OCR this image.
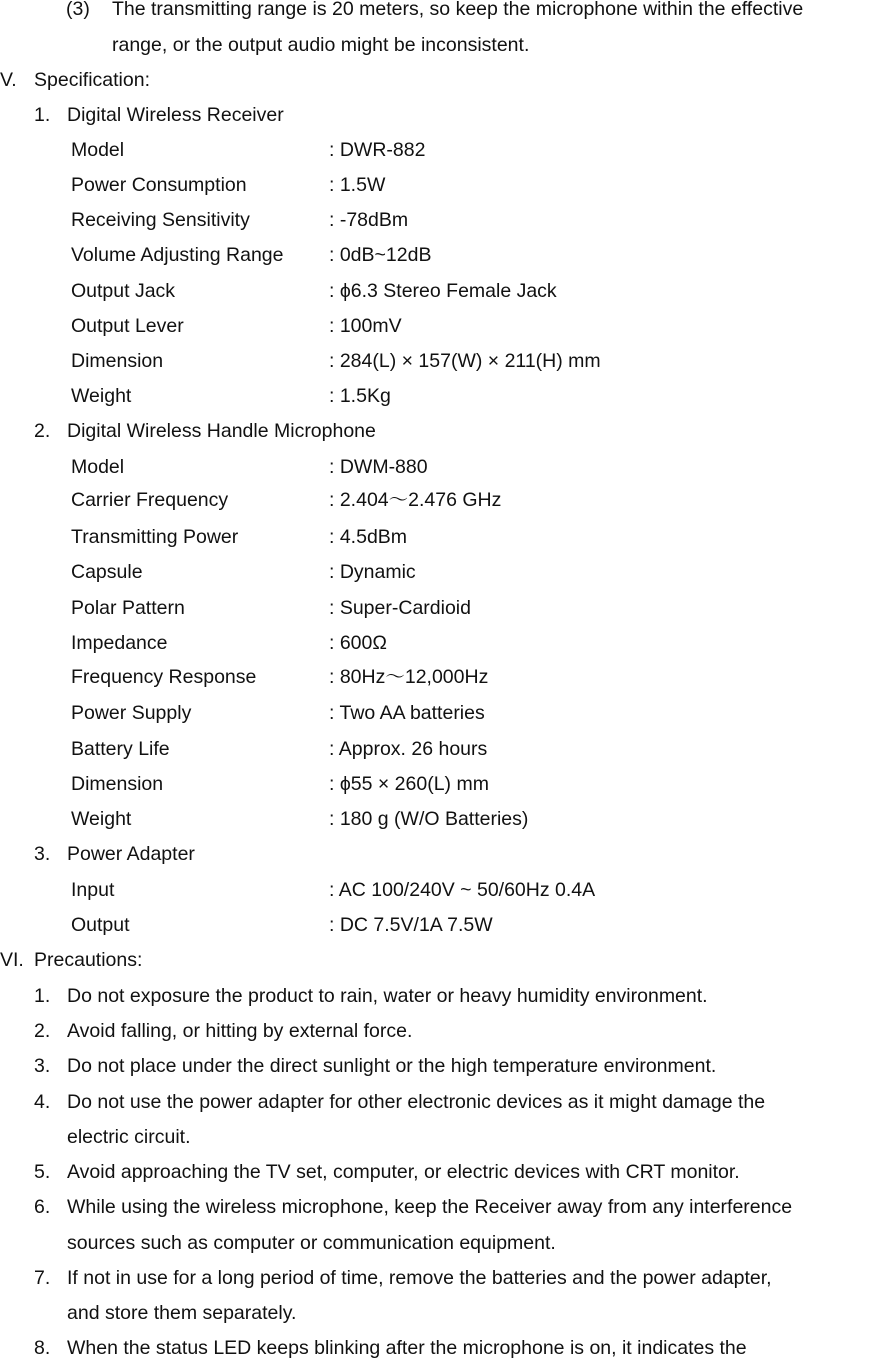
(3) The transmitting range is 20 meters, so keep the microphone within the effective
range, or the output audio might be inconsistent.
V. Specification:
1. Digital Wireless Receiver
Model	: DWR-882
Power Consumption	: 1.5W
Receiving Sensitivity	: -78dBm
Volume Adjusting Range : 0dB~12dB
Output Jack	: ϕ6.3 Stereo Female Jack
Output Lever	: 100mV
Dimension	: 284(L) × 157(W) × 211(H) mm
Weight	: 1.5Kg
2. Digital Wireless Handle Microphone
Model	: DWM-880
Carrier Frequency	: 2.404～2.476 GHz
Transmitting Power	: 4.5dBm
Capsule	: Dynamic
Polar Pattern	: Super-Cardioid
Impedance	: 600Ω
Frequency Response	: 80Hz～12,000Hz
Power Supply	: Two AA batteries
Battery Life	: Approx. 26 hours
Dimension	: ϕ55 × 260(L) mm
Weight	: 180 g (W/O Batteries)
3. Power Adapter
Input	: AC 100/240V ~ 50/60Hz 0.4A
Output	: DC 7.5V/1A 7.5W
VI. Precautions:
1. Do not exposure the product to rain, water or heavy humidity environment.
2. Avoid falling, or hitting by external force.
3. Do not place under the direct sunlight or the high temperature environment.
4. Do not use the power adapter for other electronic devices as it might damage the
electric circuit.
5. Avoid approaching the TV set, computer, or electric devices with CRT monitor.
6. While using the wireless microphone, keep the Receiver away from any interference
sources such as computer or communication equipment.
7. If not in use for a long period of time, remove the batteries and the power adapter,
and store them separately.
8. When the status LED keeps blinking after the microphone is on, it indicates the
